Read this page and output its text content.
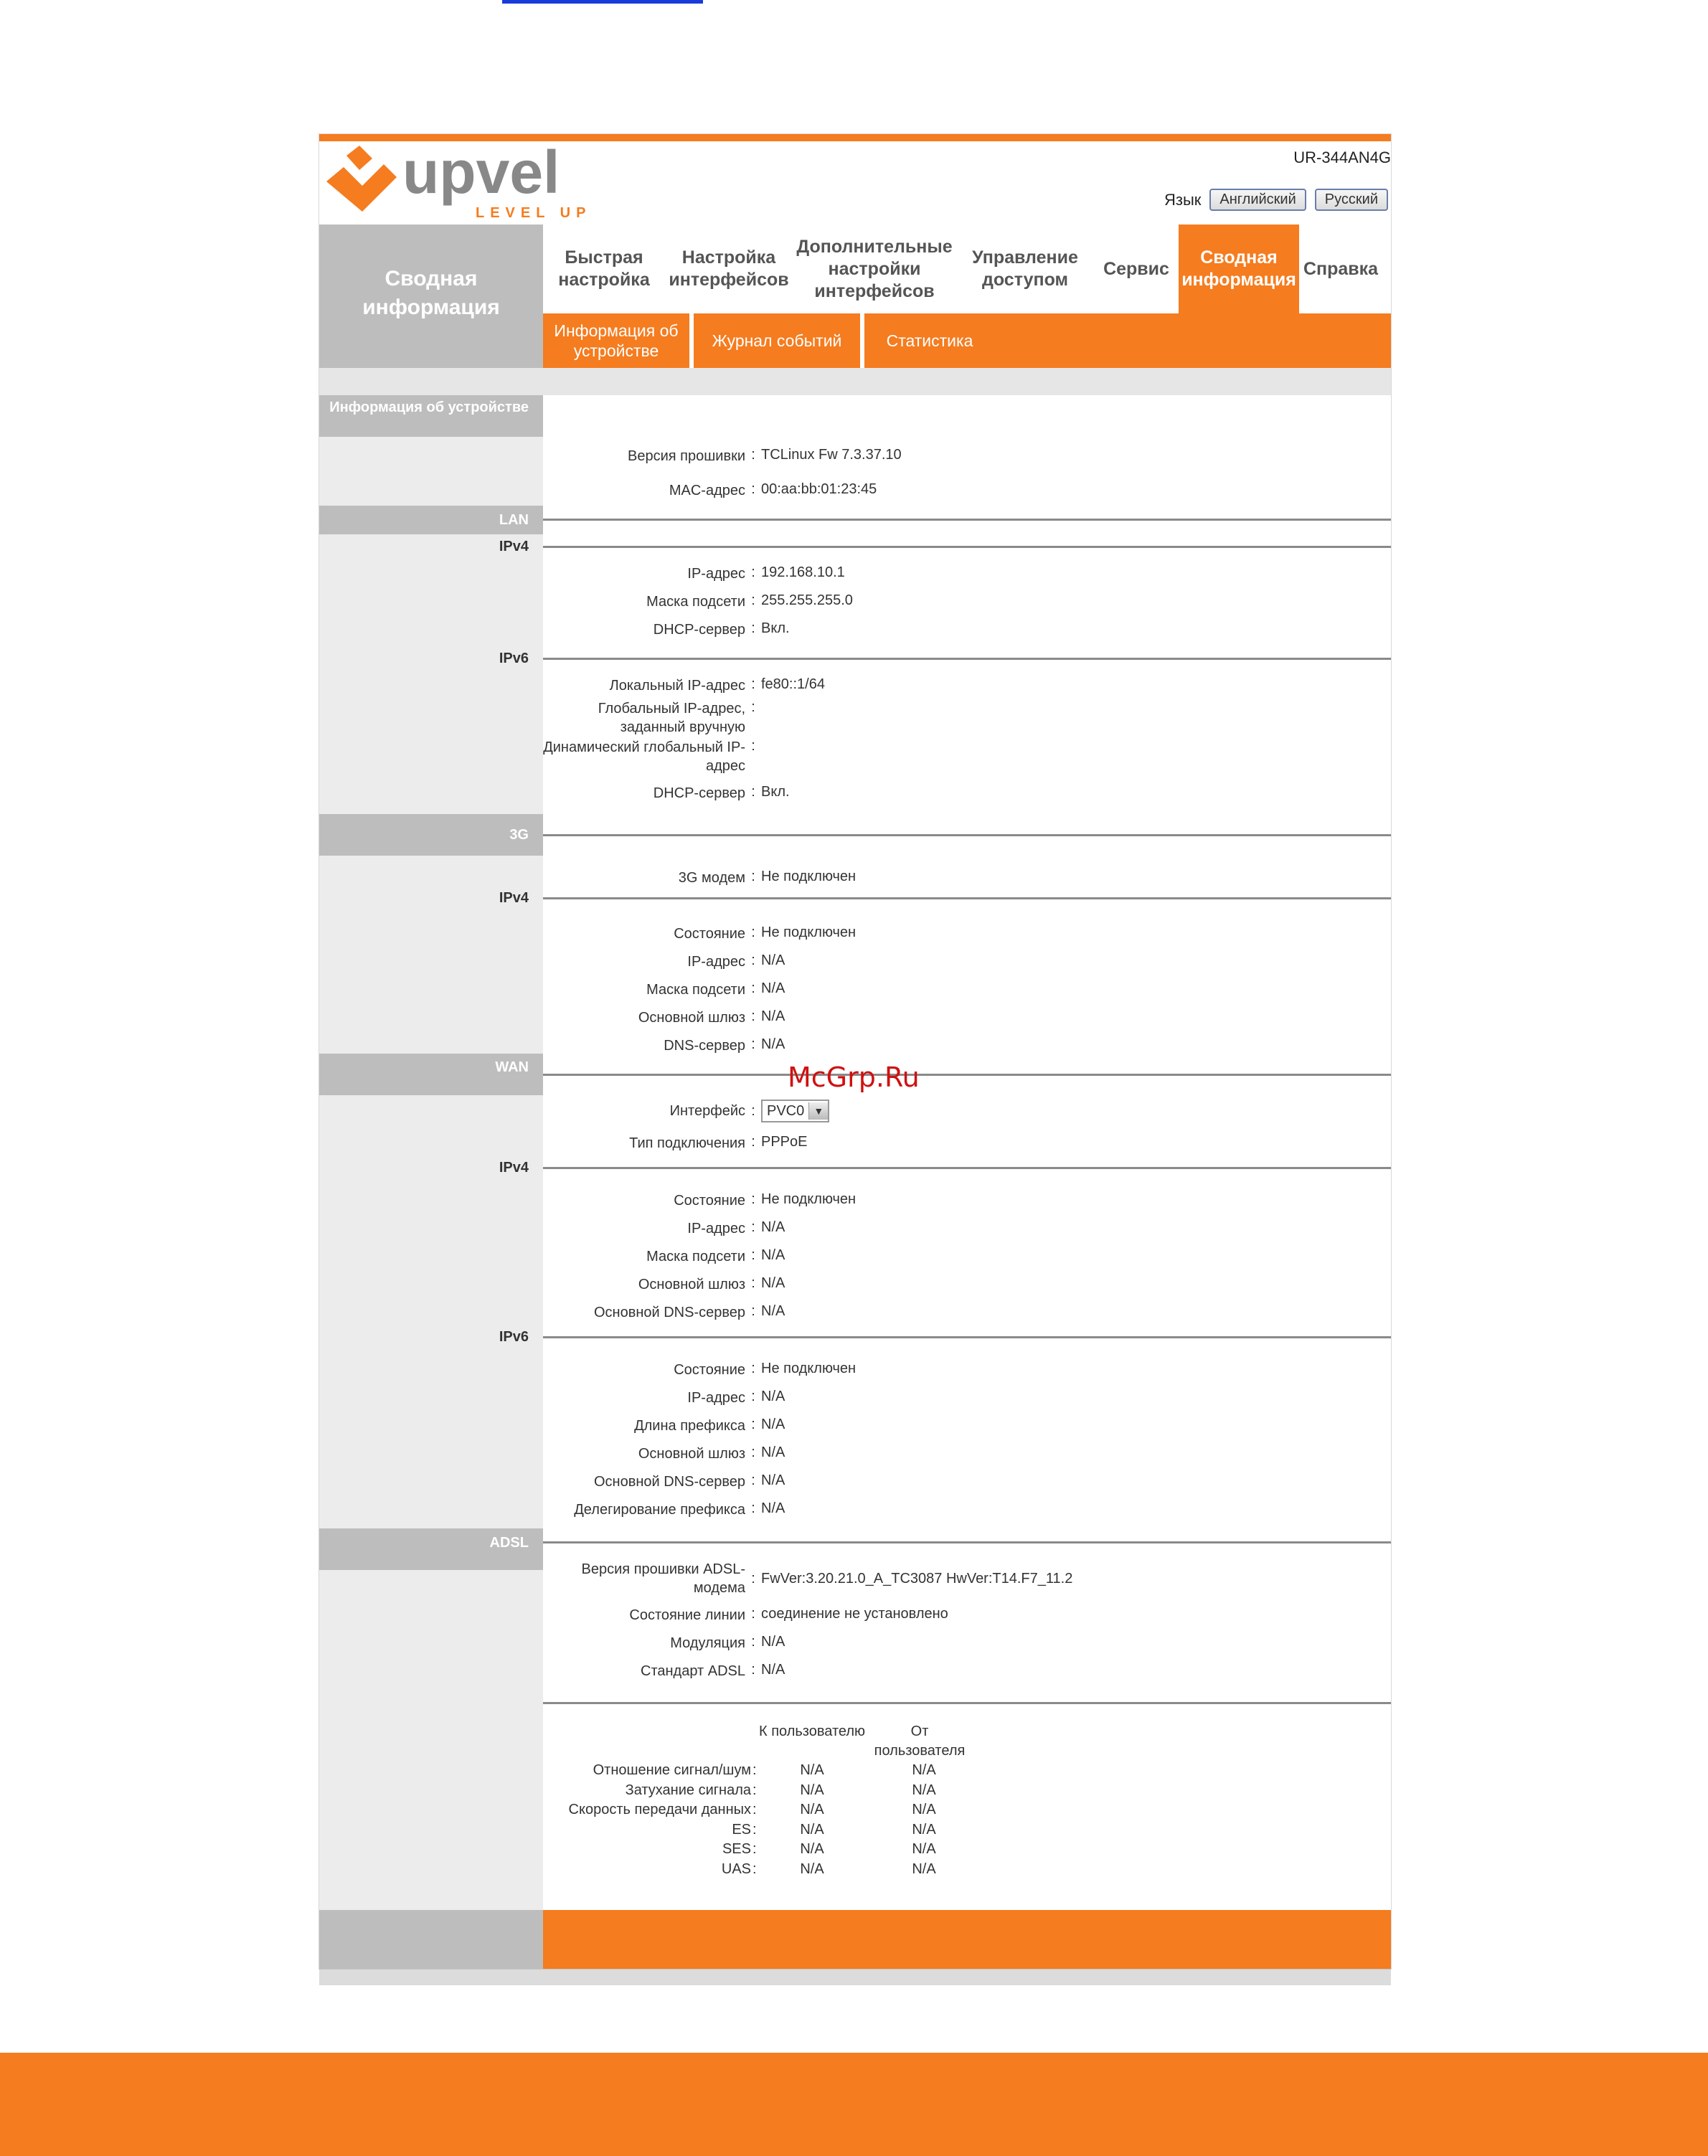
upvel
LEVEL UP
UR-344AN4G
Язык	Английский	Русский
Сводная информация
Быстрая настройка
Настройка интерфейсов
Дополнительные настройки интерфейсов
Управление доступом
Сервис
Сводная информация
Справка
Информация об устройстве
Журнал событий	Статистика
Информация об устройстве
Версия прошивки : TCLinux Fw 7.3.37.10
MAC-адрес : 00:aa:bb:01:23:45
LAN
IPv4
IP-адрес : 192.168.10.1
Маска подсети : 255.255.255.0
DHCP-сервер : Вкл.
IPv6
Локальный IP-адрес : fe80::1/64
Глобальный IP-адрес, заданный вручную
:
Динамический глобальный IP-адрес
:
DHCP-сервер : Вкл.
3G
3G модем : Не подключен
IPv4
Состояние : Не подключен
IP-адрес : N/A
Маска подсети : N/A
Основной шлюз : N/A
DNS-сервер : N/A
WAN
Интерфейс : PVC0 ▼
Тип подключения : PPPoE
IPv4
Состояние : Не подключен
IP-адрес : N/A
Маска подсети : N/A
Основной шлюз : N/A
Основной DNS-сервер : N/A
IPv6
Состояние : Не подключен
IP-адрес : N/A
Длина префикса : N/A
Основной шлюз : N/A
Основной DNS-сервер : N/A
Делегирование префикса : N/A
ADSL
Версия прошивки ADSL-модема
: FwVer:3.20.21.0_A_TC3087 HwVer:T14.F7_11.2
Состояние линии : соединение не установлено
Модуляция : N/A
Стандарт ADSL : N/A
К пользователю	От пользователя
Отношение сигнал/шум :	N/A	N/A
Затухание сигнала :	N/A	N/A
Скорость передачи данных :	N/A	N/A
ES :	N/A	N/A
SES :	N/A	N/A
UAS :	N/A	N/A
McGrp.Ru
